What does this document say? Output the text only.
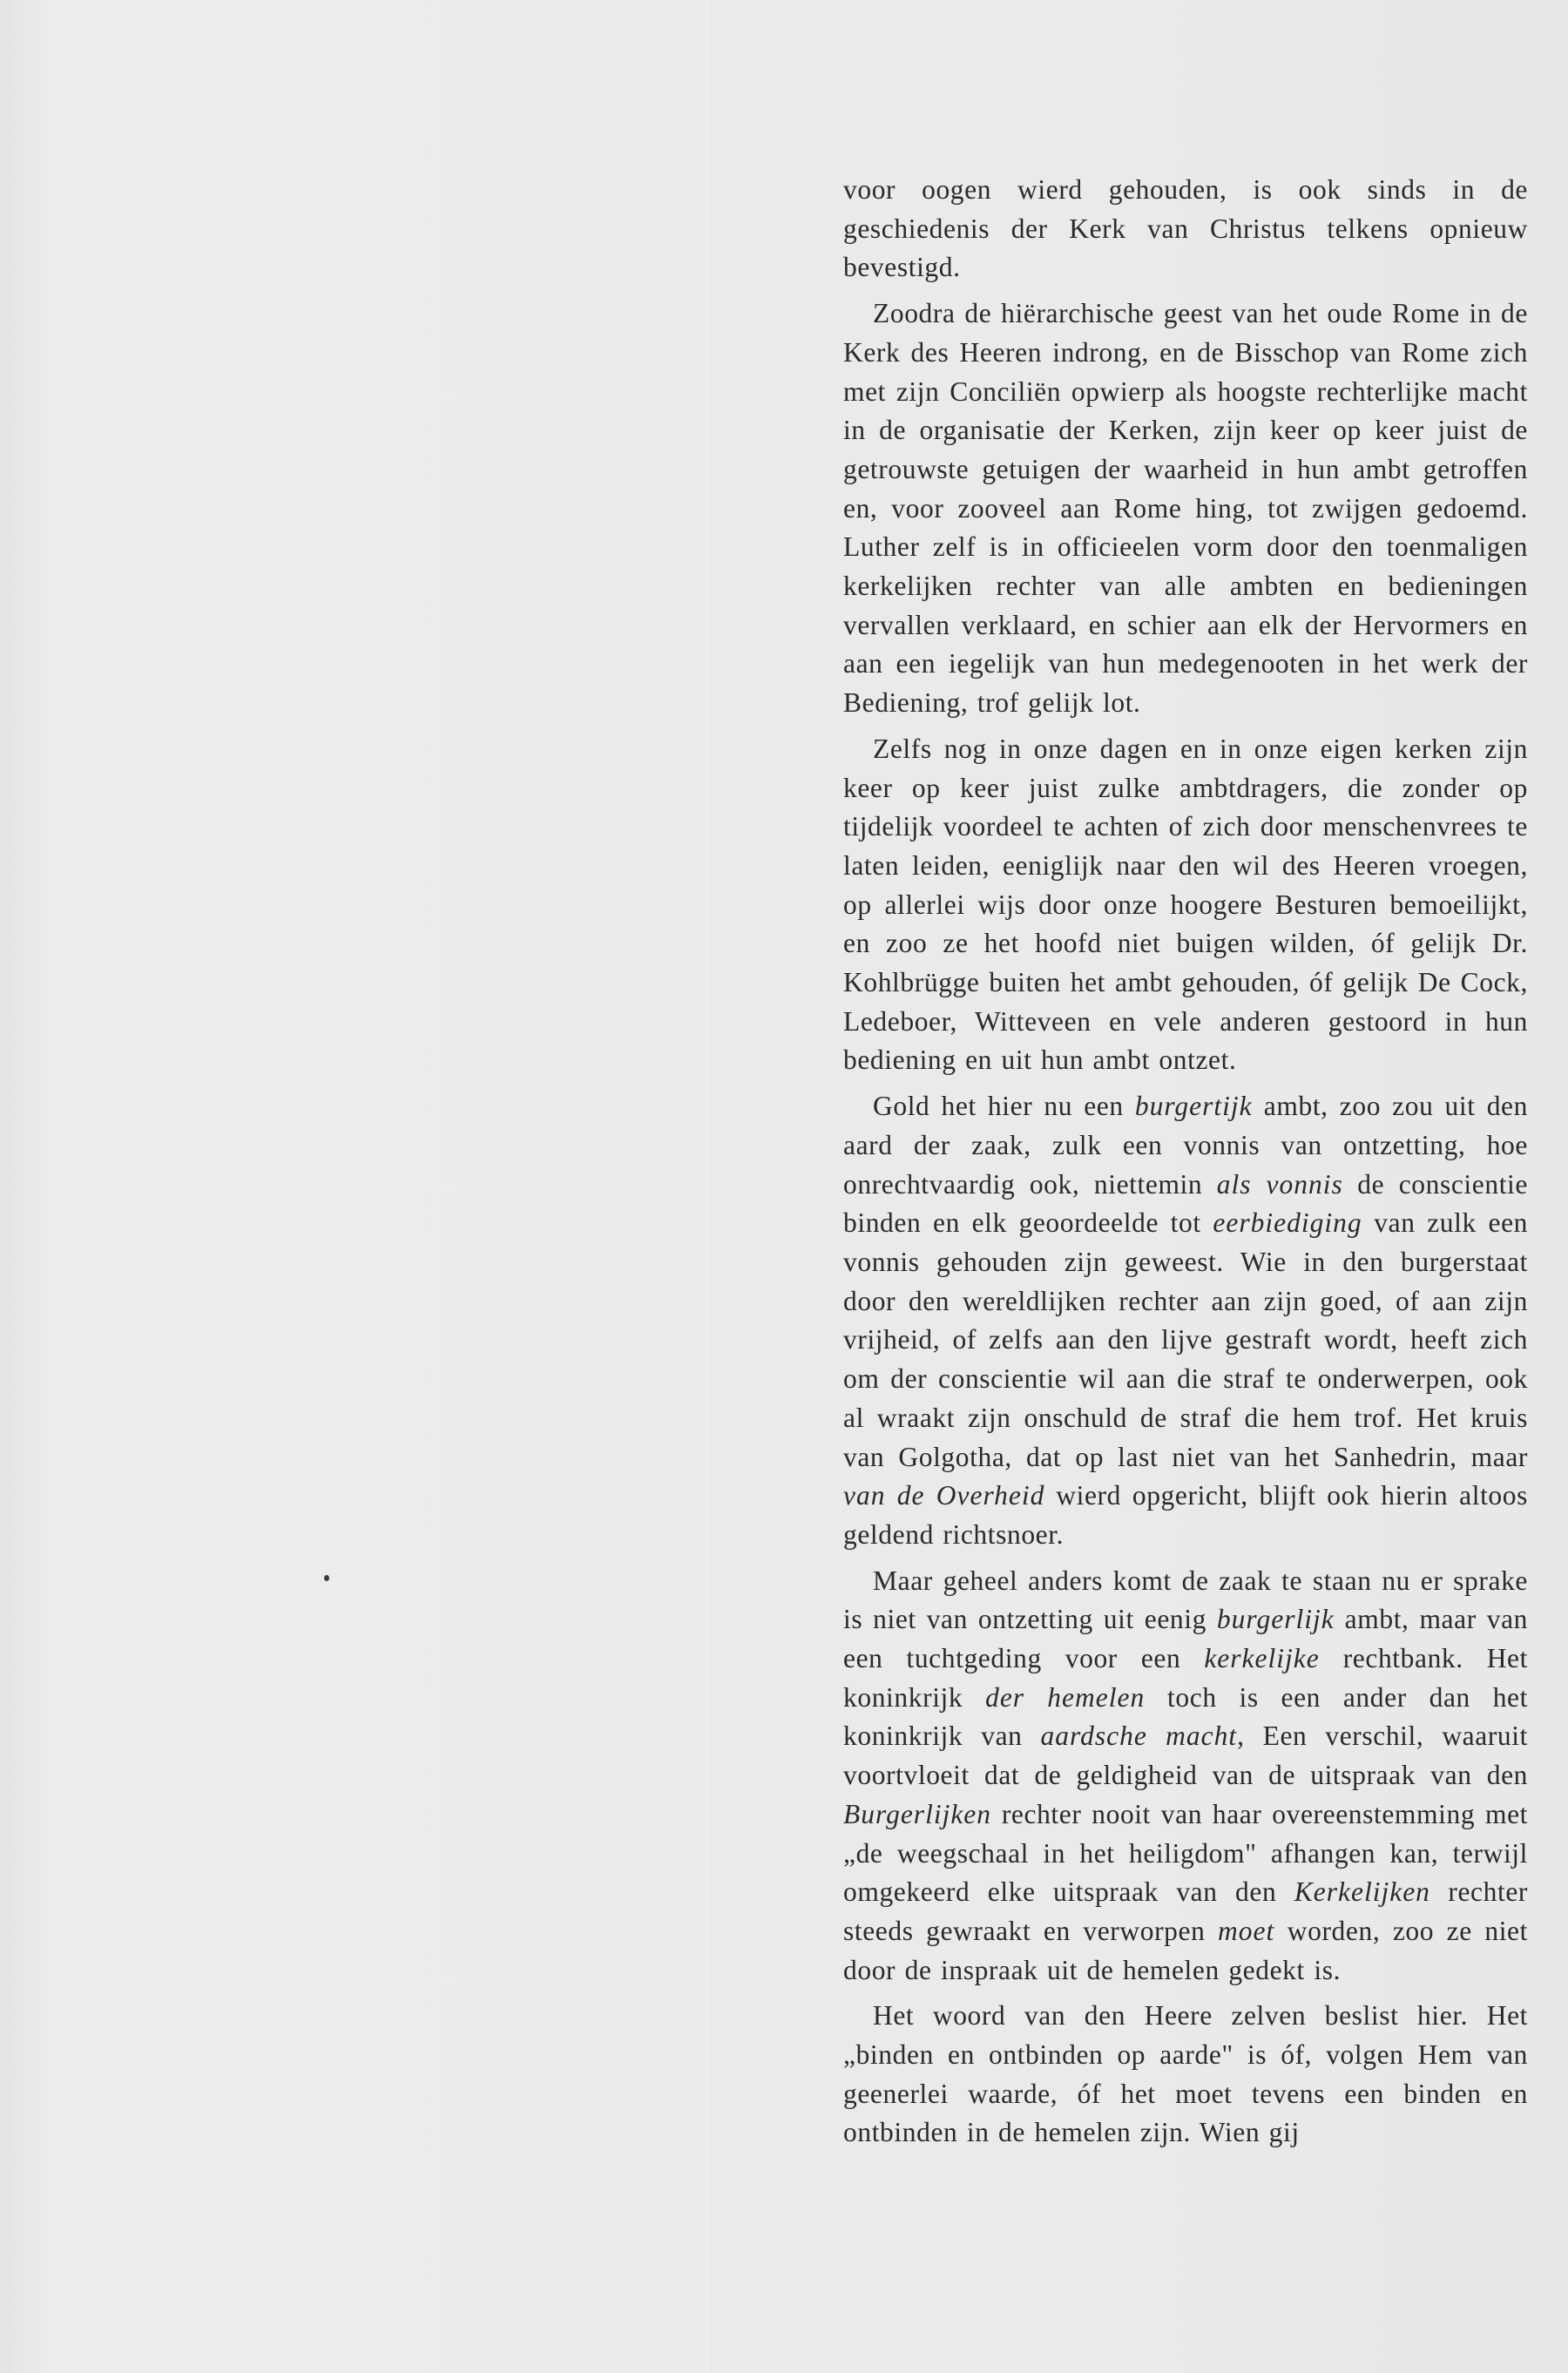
voor oogen wierd gehouden, is ook sinds in de geschiedenis der Kerk van Christus telkens opnieuw bevestigd.

Zoodra de hiërarchische geest van het oude Rome in de Kerk des Heeren indrong, en de Bisschop van Rome zich met zijn Conciliën opwierp als hoogste rechterlijke macht in de organisatie der Kerken, zijn keer op keer juist de getrouwste getuigen der waarheid in hun ambt getroffen en, voor zooveel aan Rome hing, tot zwijgen gedoemd. Luther zelf is in officieelen vorm door den toenmaligen kerkelijken rechter van alle ambten en bedieningen vervallen verklaard, en schier aan elk der Hervormers en aan een iegelijk van hun medegenooten in het werk der Bediening, trof gelijk lot.

Zelfs nog in onze dagen en in onze eigen kerken zijn keer op keer juist zulke ambtdragers, die zonder op tijdelijk voordeel te achten of zich door menschenvrees te laten leiden, eeniglijk naar den wil des Heeren vroegen, op allerlei wijs door onze hoogere Besturen bemoeilijkt, en zoo ze het hoofd niet buigen wilden, óf gelijk Dr. Kohlbrügge buiten het ambt gehouden, óf gelijk De Cock, Ledeboer, Witteveen en vele anderen gestoord in hun bediening en uit hun ambt ontzet.

Gold het hier nu een burgertijk ambt, zoo zou uit den aard der zaak, zulk een vonnis van ontzetting, hoe onrechtvaardig ook, niettemin als vonnis de conscientie binden en elk geoordeelde tot eerbiediging van zulk een vonnis gehouden zijn geweest. Wie in den burgerstaat door den wereldlijken rechter aan zijn goed, of aan zijn vrijheid, of zelfs aan den lijve gestraft wordt, heeft zich om der conscientie wil aan die straf te onderwerpen, ook al wraakt zijn onschuld de straf die hem trof. Het kruis van Golgotha, dat op last niet van het Sanhedrin, maar van de Overheid wierd opgericht, blijft ook hierin altoos geldend richtsnoer.

Maar geheel anders komt de zaak te staan nu er sprake is niet van ontzetting uit eenig burgerlijk ambt, maar van een tuchtgeding voor een kerkelijke rechtbank. Het koninkrijk der hemelen toch is een ander dan het koninkrijk van aardsche macht, Een verschil, waaruit voortvloeit dat de geldigheid van de uitspraak van den Burgerlijken rechter nooit van haar overeenstemming met „de weegschaal in het heiligdom" afhangen kan, terwijl omgekeerd elke uitspraak van den Kerkelijken rechter steeds gewraakt en verworpen moet worden, zoo ze niet door de inspraak uit de hemelen gedekt is.

Het woord van den Heere zelven beslist hier. Het „binden en ontbinden op aarde" is óf, volgen Hem van geenerlei waarde, óf het moet tevens een binden en ontbinden in de hemelen zijn. Wien gij
